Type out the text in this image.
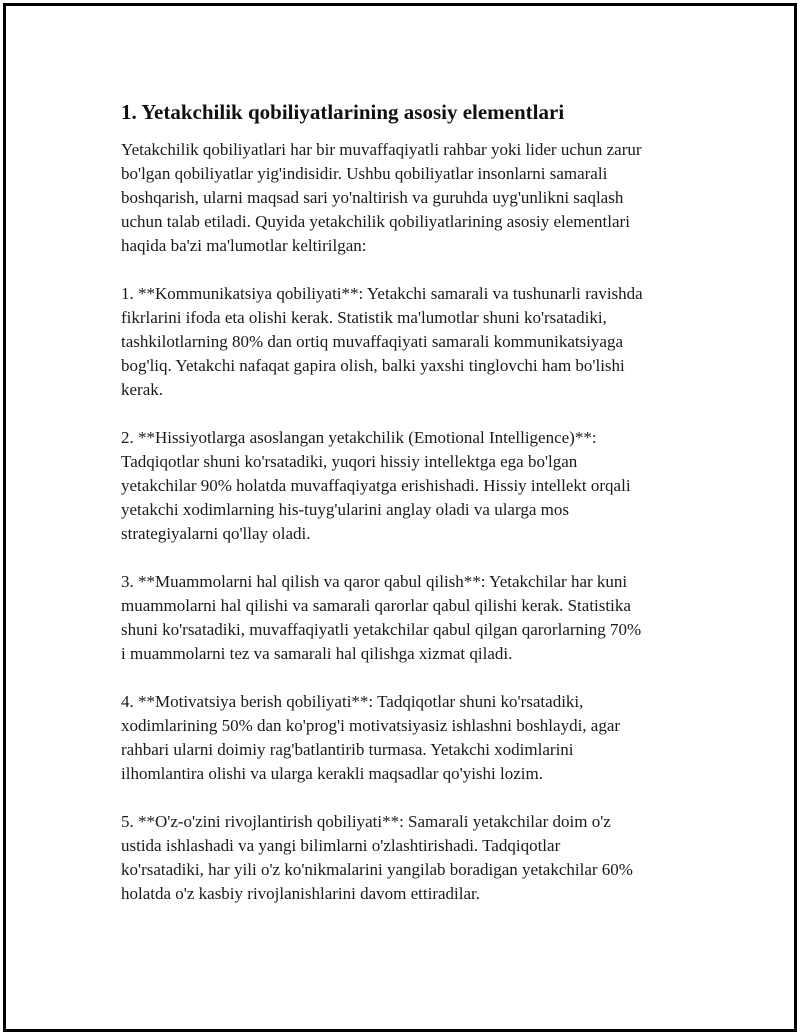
1. Yetakchilik qobiliyatlarining asosiy elementlari

Yetakchilik qobiliyatlari har bir muvaffaqiyatli rahbar yoki lider uchun zarur
bo'lgan qobiliyatlar yig'indisidir. Ushbu qobiliyatlar insonlarni samarali
boshqarish, ularni maqsad sari yo'naltirish va guruhda uyg'unlikni saqlash
uchun talab etiladi. Quyida yetakchilik qobiliyatlarining asosiy elementlari
haqida ba'zi ma'lumotlar keltirilgan:

1. **Kommunikatsiya qobiliyati**: Yetakchi samarali va tushunarli ravishda
fikrlarini ifoda eta olishi kerak. Statistik ma'lumotlar shuni ko'rsatadiki,
tashkilotlarning 80% dan ortiq muvaffaqiyati samarali kommunikatsiyaga
bog'liq. Yetakchi nafaqat gapira olish, balki yaxshi tinglovchi ham bo'lishi
kerak.

2. **Hissiyotlarga asoslangan yetakchilik (Emotional Intelligence)**:
Tadqiqotlar shuni ko'rsatadiki, yuqori hissiy intellektga ega bo'lgan
yetakchilar 90% holatda muvaffaqiyatga erishishadi. Hissiy intellekt orqali
yetakchi xodimlarning his-tuyg'ularini anglay oladi va ularga mos
strategiyalarni qo'llay oladi.

3. **Muammolarni hal qilish va qaror qabul qilish**: Yetakchilar har kuni
muammolarni hal qilishi va samarali qarorlar qabul qilishi kerak. Statistika
shuni ko'rsatadiki, muvaffaqiyatli yetakchilar qabul qilgan qarorlarning 70%
i muammolarni tez va samarali hal qilishga xizmat qiladi.

4. **Motivatsiya berish qobiliyati**: Tadqiqotlar shuni ko'rsatadiki,
xodimlarining 50% dan ko'prog'i motivatsiyasiz ishlashni boshlaydi, agar
rahbari ularni doimiy rag'batlantirib turmasa. Yetakchi xodimlarini
ilhomlantira olishi va ularga kerakli maqsadlar qo'yishi lozim.

5. **O'z-o'zini rivojlantirish qobiliyati**: Samarali yetakchilar doim o'z
ustida ishlashadi va yangi bilimlarni o'zlashtirishadi. Tadqiqotlar
ko'rsatadiki, har yili o'z ko'nikmalarini yangilab boradigan yetakchilar 60%
holatda o'z kasbiy rivojlanishlarini davom ettiradilar.
